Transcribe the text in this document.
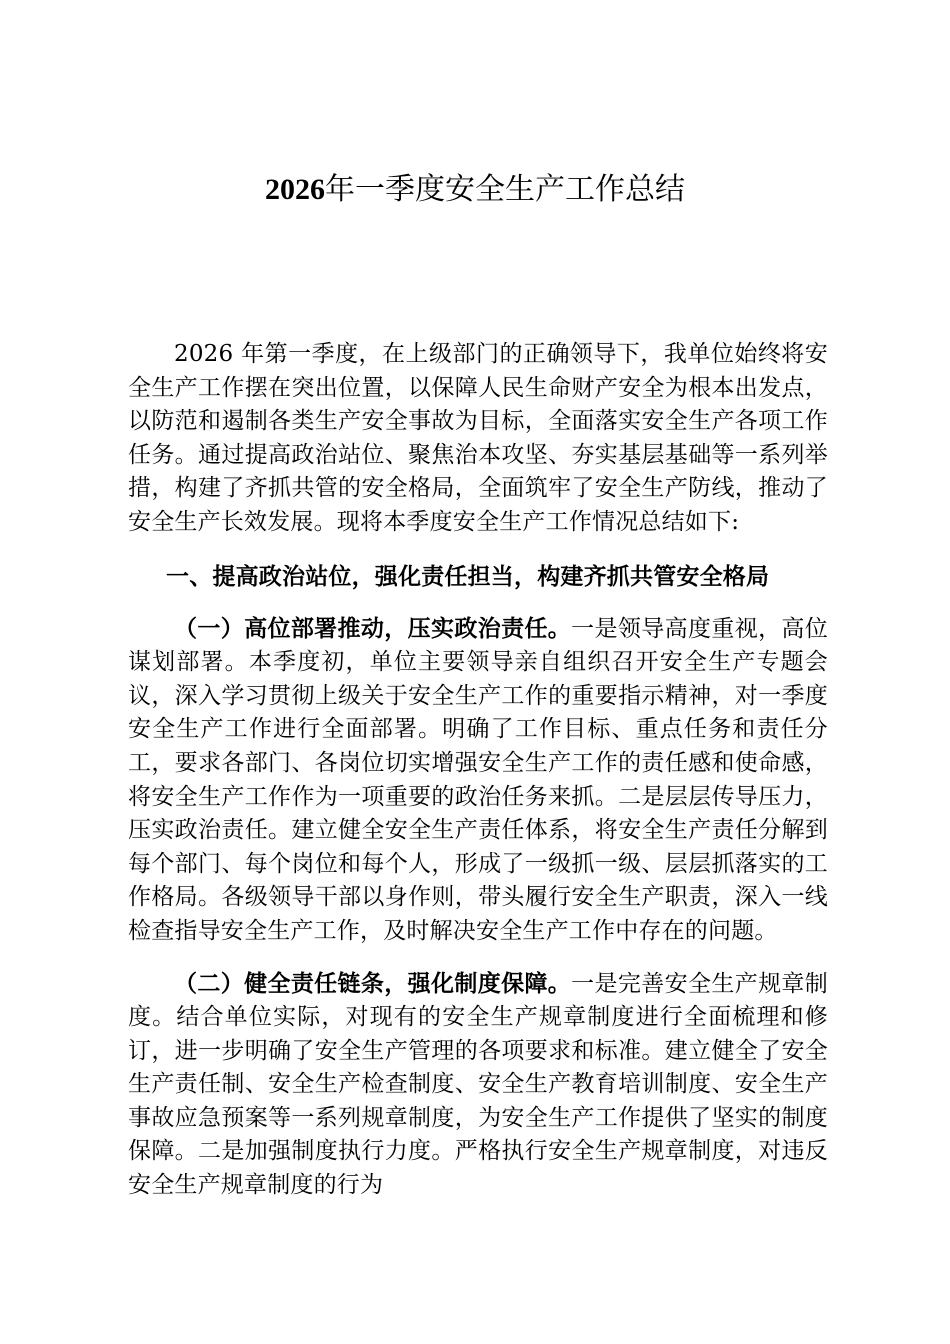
2026年一季度安全生产工作总结

2026 年第一季度，在上级部门的正确领导下，我单位始终将安全生产工作摆在突出位置，以保障人民生命财产安全为根本出发点，以防范和遏制各类生产安全事故为目标，全面落实安全生产各项工作任务。通过提高政治站位、聚焦治本攻坚、夯实基层基础等一系列举措，构建了齐抓共管的安全格局，全面筑牢了安全生产防线，推动了安全生产长效发展。现将本季度安全生产工作情况总结如下:

一、提高政治站位，强化责任担当，构建齐抓共管安全格局

（一）高位部署推动，压实政治责任。一是领导高度重视，高位谋划部署。本季度初，单位主要领导亲自组织召开安全生产专题会议，深入学习贯彻上级关于安全生产工作的重要指示精神，对一季度安全生产工作进行全面部署。明确了工作目标、重点任务和责任分工，要求各部门、各岗位切实增强安全生产工作的责任感和使命感，将安全生产工作作为一项重要的政治任务来抓。二是层层传导压力，压实政治责任。建立健全安全生产责任体系，将安全生产责任分解到每个部门、每个岗位和每个人，形成了一级抓一级、层层抓落实的工作格局。各级领导干部以身作则，带头履行安全生产职责，深入一线检查指导安全生产工作，及时解决安全生产工作中存在的问题。

（二）健全责任链条，强化制度保障。一是完善安全生产规章制度。结合单位实际，对现有的安全生产规章制度进行全面梳理和修订，进一步明确了安全生产管理的各项要求和标准。建立健全了安全生产责任制、安全生产检查制度、安全生产教育培训制度、安全生产事故应急预案等一系列规章制度，为安全生产工作提供了坚实的制度保障。二是加强制度执行力度。严格执行安全生产规章制度，对违反安全生产规章制度的行为
